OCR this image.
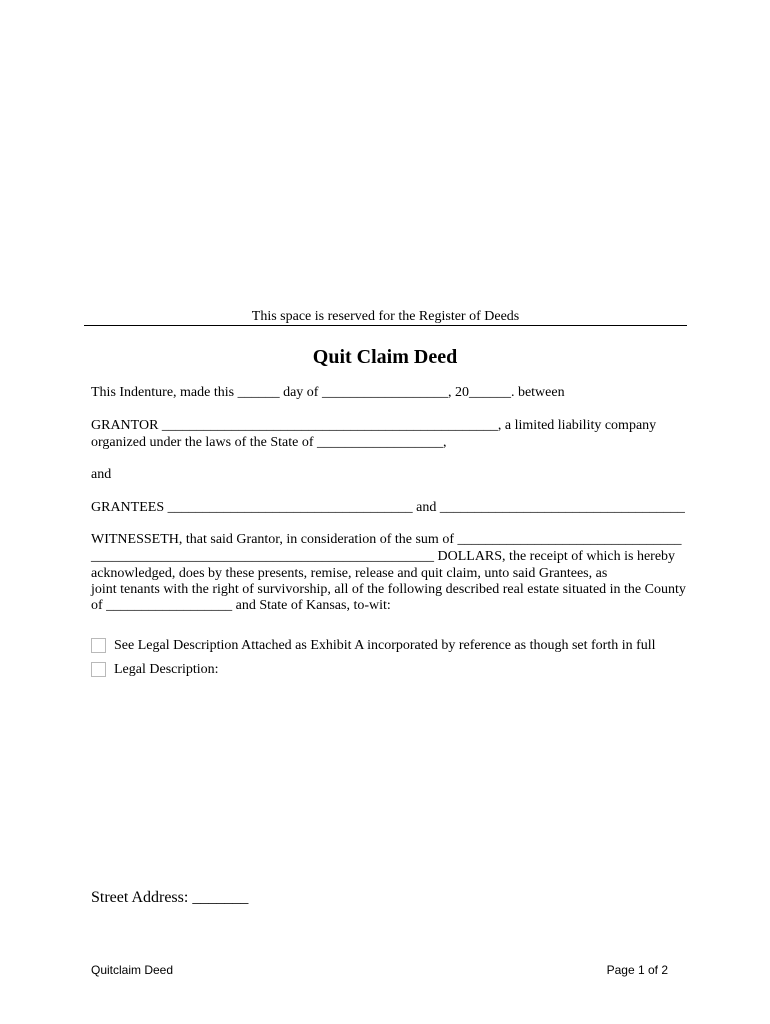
This space is reserved for the Register of Deeds
Quit Claim Deed
This Indenture, made this ______ day of __________________, 20______. between
GRANTOR ________________________________________________, a limited liability company
organized under the laws of the State of __________________,
and
GRANTEES ___________________________________ and ___________________________________
WITNESSETH, that said Grantor, in consideration of the sum of ________________________________
_________________________________________________ DOLLARS, the receipt of which is hereby
acknowledged, does by these presents, remise, release and quit claim, unto said Grantees, as
joint tenants with the right of survivorship, all of the following described real estate situated in the County
of __________________ and State of Kansas, to-wit:
See Legal Description Attached as Exhibit A incorporated by reference as though set forth in full
Legal Description:
Street Address: _______
Quitclaim Deed	Page 1 of 2
